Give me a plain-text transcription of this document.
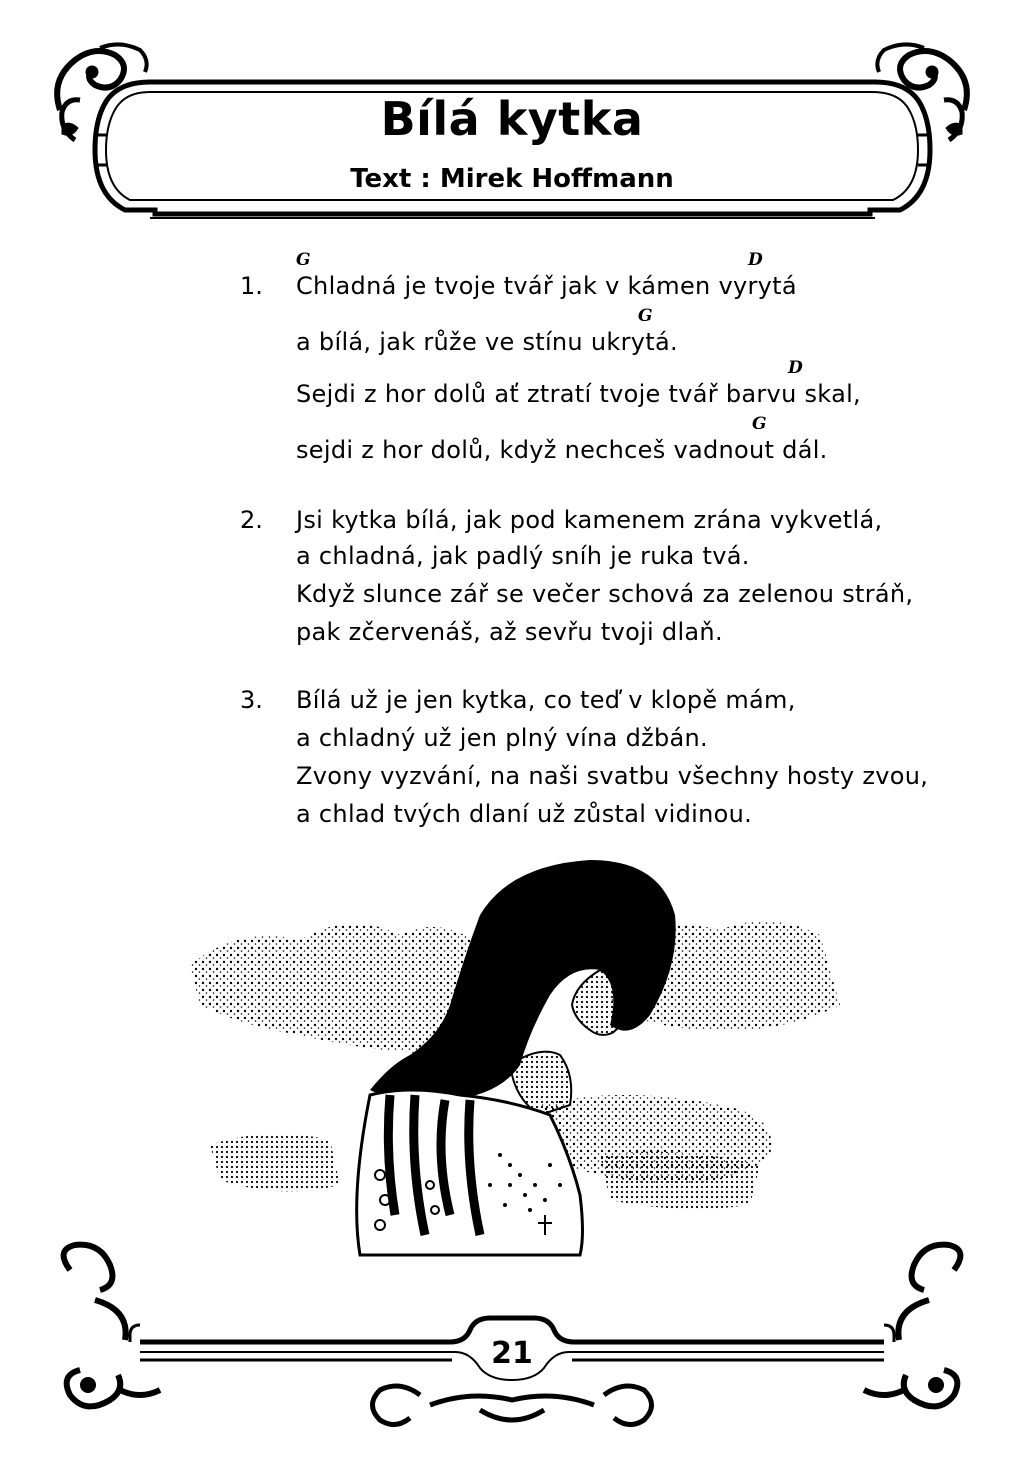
Bílá kytka
Text : Mirek Hoffmann
1.
G	D
Chladná je tvoje tvář jak v kámen vyrytá
G
a bílá, jak růže ve stínu ukrytá.
D
Sejdi z hor dolů ať ztratí tvoje tvář barvu skal,
G
sejdi z hor dolů, když nechceš vadnout dál.
2. Jsi kytka bílá, jak pod kamenem zrána vykvetlá,
a chladná, jak padlý sníh je ruka tvá.
Když slunce zář se večer schová za zelenou stráň,
pak zčervenáš, až sevřu tvoji dlaň.
3. Bílá už je jen kytka, co teď v klopě mám,
a chladný už jen plný vína džbán.
Zvony vyzvání, na naši svatbu všechny hosty zvou,
a chlad tvých dlaní už zůstal vidinou.
21
